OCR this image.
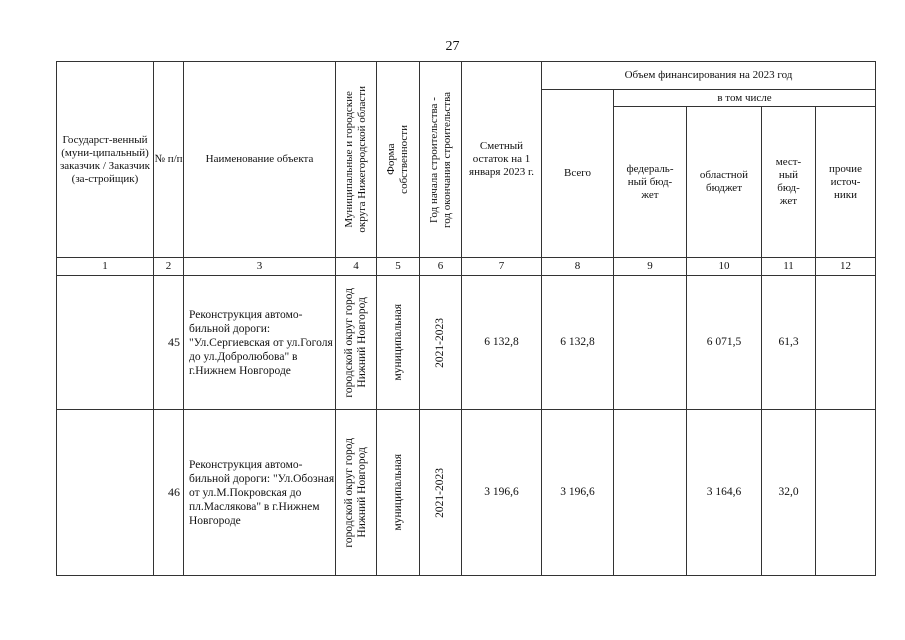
27
Государст-венный (муни-ципальный) заказчик / Заказчик (за-стройщик)	№ п/п	Наименование объекта	Муниципальные и городские округа Нижегородской области	Форма собственности	Год начала строительства - год окончания строительства	Сметный остаток на 1 января 2023 г.	Объем финансирования на 2023 год				
							Всего	в том числе			
								федераль-ный бюд-жет	областной бюджет	мест-ный бюд-жет	прочие источ-ники
1	2	3	4	5	6	7	8	9	10	11	12
	45	Реконструкция автомо-бильной дороги: "Ул.Сергиевская от ул.Гоголя до ул.Добролюбова" в г.Нижнем Новгороде	городской округ город Нижний Новгород	муниципальная	2021-2023	6 132,8	6 132,8		6 071,5	61,3	
	46	Реконструкция автомо-бильной дороги: "Ул.Обозная от ул.М.Покровская до пл.Маслякова" в г.Нижнем Новгороде	городской округ город Нижний Новгород	муниципальная	2021-2023	3 196,6	3 196,6		3 164,6	32,0	
